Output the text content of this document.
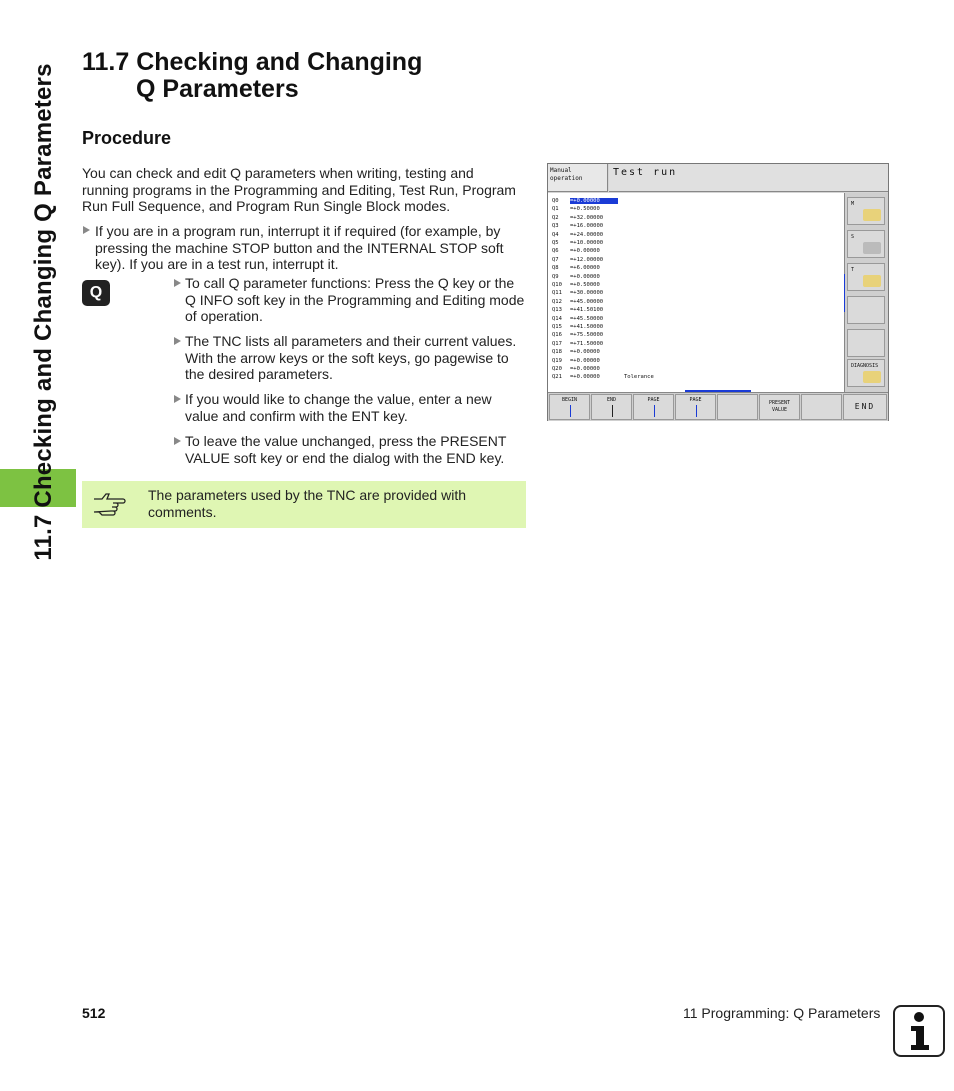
11.7 Checking and Changing Q Parameters
11.7 Checking and Changing
Q Parameters
Procedure
You can check and edit Q parameters when writing, testing and running programs in the Programming and Editing, Test Run, Program Run Full Sequence, and Program Run Single Block modes.
If you are in a program run, interrupt it if required (for example, by pressing the machine STOP button and the INTERNAL STOP soft key). If you are in a test run, interrupt it.
Q
To call Q parameter functions: Press the Q key or the Q INFO soft key in the Programming and Editing mode of operation.
The TNC lists all parameters and their current values. With the arrow keys or the soft keys, go pagewise to the desired parameters.
If you would like to change the value, enter a new value and confirm with the ENT key.
To leave the value unchanged, press the PRESENT VALUE soft key or end the dialog with the END key.
The parameters used by the TNC are provided with comments.
Manual operation
Test run
Q0 =+0.00000
Q1 =+0.50000
Q2 =+32.00000
Q3 =+16.00000
Q4 =+24.00000
Q5 =+10.00000
Q6 =+0.00000
Q7 =+12.00000
Q8 =+6.00000
Q9 =+0.00000
Q10 =+0.50000
Q11 =+30.00000
Q12 =+45.00000
Q13 =+41.50100
Q14 =+45.50000
Q15 =+41.50000
Q16 =+75.50000
Q17 =+71.50000
Q18 =+0.00000
Q19 =+0.00000
Q20 =+0.00000
Q21 =+0.00000	Tolerance
M
S
T
DIAGNOSIS
BEGIN	END	PAGE	PAGE	PRESENT VALUE	END
512	11 Programming: Q Parameters
